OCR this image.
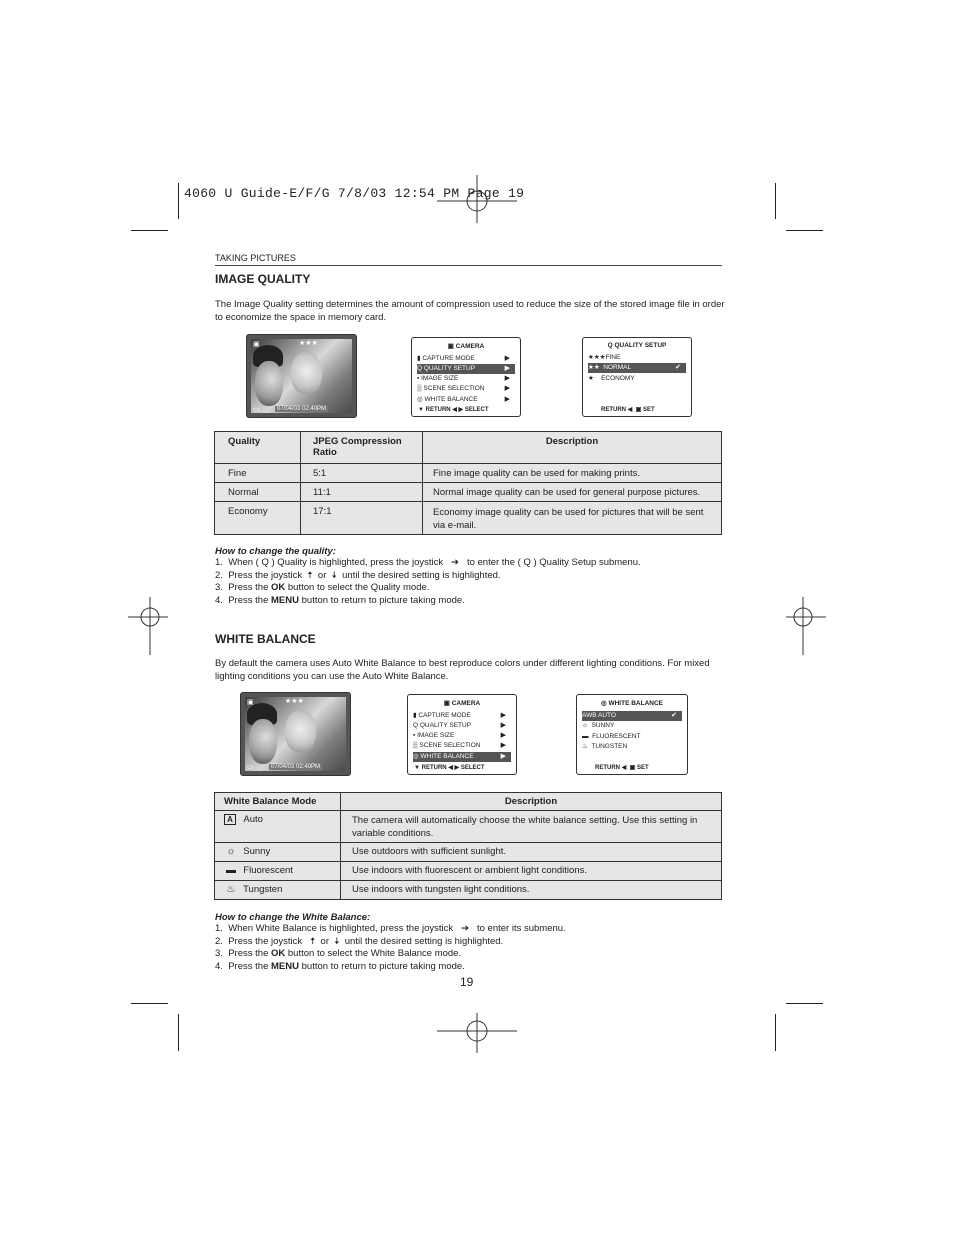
4060 U Guide-E/F/G 7/8/03 12:54 PM Page 19
TAKING PICTURES
IMAGE QUALITY
The Image Quality setting determines the amount of compression used to reduce the size of the stored image file in order to economize the space in memory card.
▣	★★★
▭	07/04/03 02:40PM
▣ CAMERA
▮ CAPTURE MODE	▶
Q QUALITY SETUP	▶
▪ IMAGE SIZE	▶
▒ SCENE SELECTION	▶
◎ WHITE BALANCE	▶
▼ RETURN ◀ ▶ SELECT
Q QUALITY SETUP
★★★FINE
★★  NORMAL	✔
★    ECONOMY
RETURN ◀  ▣ SET
Quality	JPEG Compression Ratio	Description
Fine	5:1	Fine image quality can be used for making prints.
Normal	11:1	Normal image quality can be used for general purpose pictures.
Economy	17:1	Economy image quality can be used for pictures that will be sent via e-mail.
How to change the quality:
1. When ( Q ) Quality is highlighted, press the joystick ➔ to enter the ( Q ) Quality Setup submenu.
2. Press the joystick 🠅 or 🠇 until the desired setting is highlighted.
3. Press the OK button to select the Quality mode.
4. Press the MENU button to return to picture taking mode.
WHITE BALANCE
By default the camera uses Auto White Balance to best reproduce colors under different lighting conditions. For mixed lighting conditions you can use the Auto White Balance.
▣	★★★
▭	07/04/03 02:40PM
▣ CAMERA
▮ CAPTURE MODE	▶
Q QUALITY SETUP	▶
▪ IMAGE SIZE	▶
▒ SCENE SELECTION	▶
◎ WHITE BALANCE	▶
▼ RETURN ◀ ▶ SELECT
◎ WHITE BALANCE
AWB AUTO	✔
☼  SUNNY
▬  FLUORESCENT
♨  TUNGSTEN
RETURN ◀  ▣ SET
White Balance Mode	Description
A Auto	The camera will automatically choose the white balance setting. Use this setting in variable conditions.
☼ Sunny	Use outdoors with sufficient sunlight.
▬ Fluorescent	Use indoors with fluorescent or ambient light conditions.
♨ Tungsten	Use indoors with tungsten light conditions.
How to change the White Balance:
1. When White Balance is highlighted, press the joystick ➔ to enter its submenu.
2. Press the joystick 🠅 or 🠇 until the desired setting is highlighted.
3. Press the OK button to select the White Balance mode.
4. Press the MENU button to return to picture taking mode.
19
